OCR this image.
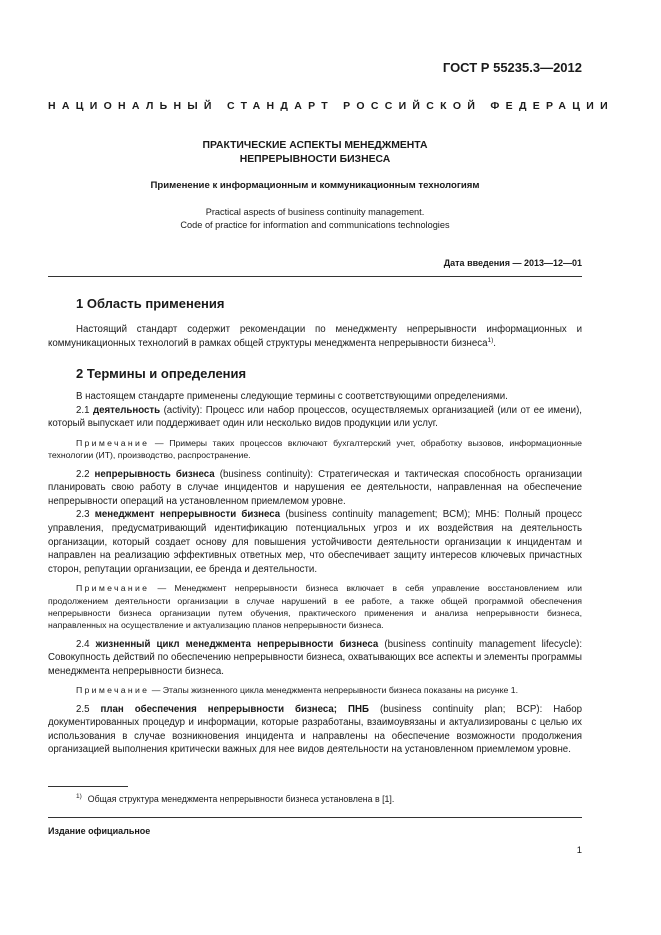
ГОСТ Р 55235.3—2012
НАЦИОНАЛЬНЫЙ СТАНДАРТ РОССИЙСКОЙ ФЕДЕРАЦИИ
ПРАКТИЧЕСКИЕ АСПЕКТЫ МЕНЕДЖМЕНТА
НЕПРЕРЫВНОСТИ БИЗНЕСА
Применение к информационным и коммуникационным технологиям
Practical aspects of business continuity management.
Code of practice for information and communications technologies
Дата введения — 2013—12—01
1 Область применения

Настоящий стандарт содержит рекомендации по менеджменту непрерывности информационных и коммуникационных технологий в рамках общей структуры менеджмента непрерывности бизнеса$^{1)}$.

2 Термины и определения

В настоящем стандарте применены следующие термины с соответствующими определениями.

2.1 деятельность (activity): Процесс или набор процессов, осуществляемых организацией (или от ее имени), который выпускает или поддерживает один или несколько видов продукции или услуг.

Примечание — Примеры таких процессов включают бухгалтерский учет, обработку вызовов, информационные технологии (ИТ), производство, распространение.

2.2 непрерывность бизнеса (business continuity): Стратегическая и тактическая способность организации планировать свою работу в случае инцидентов и нарушения ее деятельности, направленная на обеспечение непрерывности операций на установленном приемлемом уровне.

2.3 менеджмент непрерывности бизнеса (business continuity management; BCM); МНБ: Полный процесс управления, предусматривающий идентификацию потенциальных угроз и их воздействия на деятельность организации, который создает основу для повышения устойчивости деятельности организации к инцидентам и направлен на реализацию эффективных ответных мер, что обеспечивает защиту интересов ключевых причастных сторон, репутации организации, ее бренда и деятельности.

Примечание — Менеджмент непрерывности бизнеса включает в себя управление восстановлением или продолжением деятельности организации в случае нарушений в ее работе, а также общей программой обеспечения непрерывности бизнеса организации путем обучения, практического применения и анализа непрерывности бизнеса, направленных на осуществление и актуализацию планов непрерывности бизнеса.

2.4 жизненный цикл менеджмента непрерывности бизнеса (business continuity management lifecycle): Совокупность действий по обеспечению непрерывности бизнеса, охватывающих все аспекты и элементы программы менеджмента непрерывности бизнеса.

Примечание — Этапы жизненного цикла менеджмента непрерывности бизнеса показаны на рисунке 1.

2.5 план обеспечения непрерывности бизнеса; ПНБ (business continuity plan; BCP): Набор документированных процедур и информации, которые разработаны, взаимоувязаны и актуализированы с целью их использования в случае возникновения инцидента и направлены на обеспечение возможности продолжения организацией выполнения критически важных для нее видов деятельности на установленном приемлемом уровне.

$^{1)}$ Общая структура менеджмента непрерывности бизнеса установлена в [1].
Издание официальное
1
